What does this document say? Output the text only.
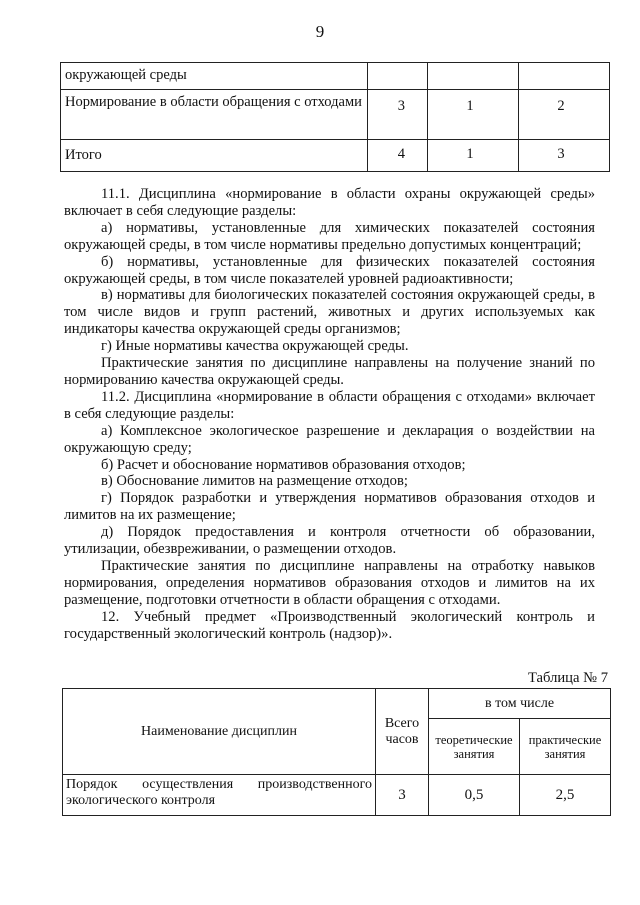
9
окружающей среды			
Нормирование в области обращения с отходами	3	1	2
Итого	4	1	3

11.1. Дисциплина «нормирование в области охраны окружающей среды» включает в себя следующие разделы:

а) нормативы, установленные для химических показателей состояния окружающей среды, в том числе нормативы предельно допустимых концентраций;

б) нормативы, установленные для физических показателей состояния окружающей среды, в том числе показателей уровней радиоактивности;

в) нормативы для биологических показателей состояния окружающей среды, в том числе видов и групп растений, животных и других используемых как индикаторы качества окружающей среды организмов;

г) Иные нормативы качества окружающей среды.

Практические занятия по дисциплине направлены на получение знаний по нормированию качества окружающей среды.

11.2. Дисциплина «нормирование в области обращения с отходами» включает в себя следующие разделы:

а) Комплексное экологическое разрешение и декларация о воздействии на окружающую среду;

б) Расчет и обоснование нормативов образования отходов;

в) Обоснование лимитов на размещение отходов;

г) Порядок разработки и утверждения нормативов образования отходов и лимитов на их размещение;

д) Порядок предоставления и контроля отчетности об образовании, утилизации, обезвреживании, о размещении отходов.

Практические занятия по дисциплине направлены на отработку навыков нормирования, определения нормативов образования отходов и лимитов на их размещение, подготовки отчетности в области обращения с отходами.

12. Учебный предмет «Производственный экологический контроль и государственный экологический контроль (надзор)».

Таблица № 7
Наименование дисциплин	Всего часов	в том числе	
		теоретические занятия	практические занятия
Порядок осуществления производственного экологического контроля	3	0,5	2,5
